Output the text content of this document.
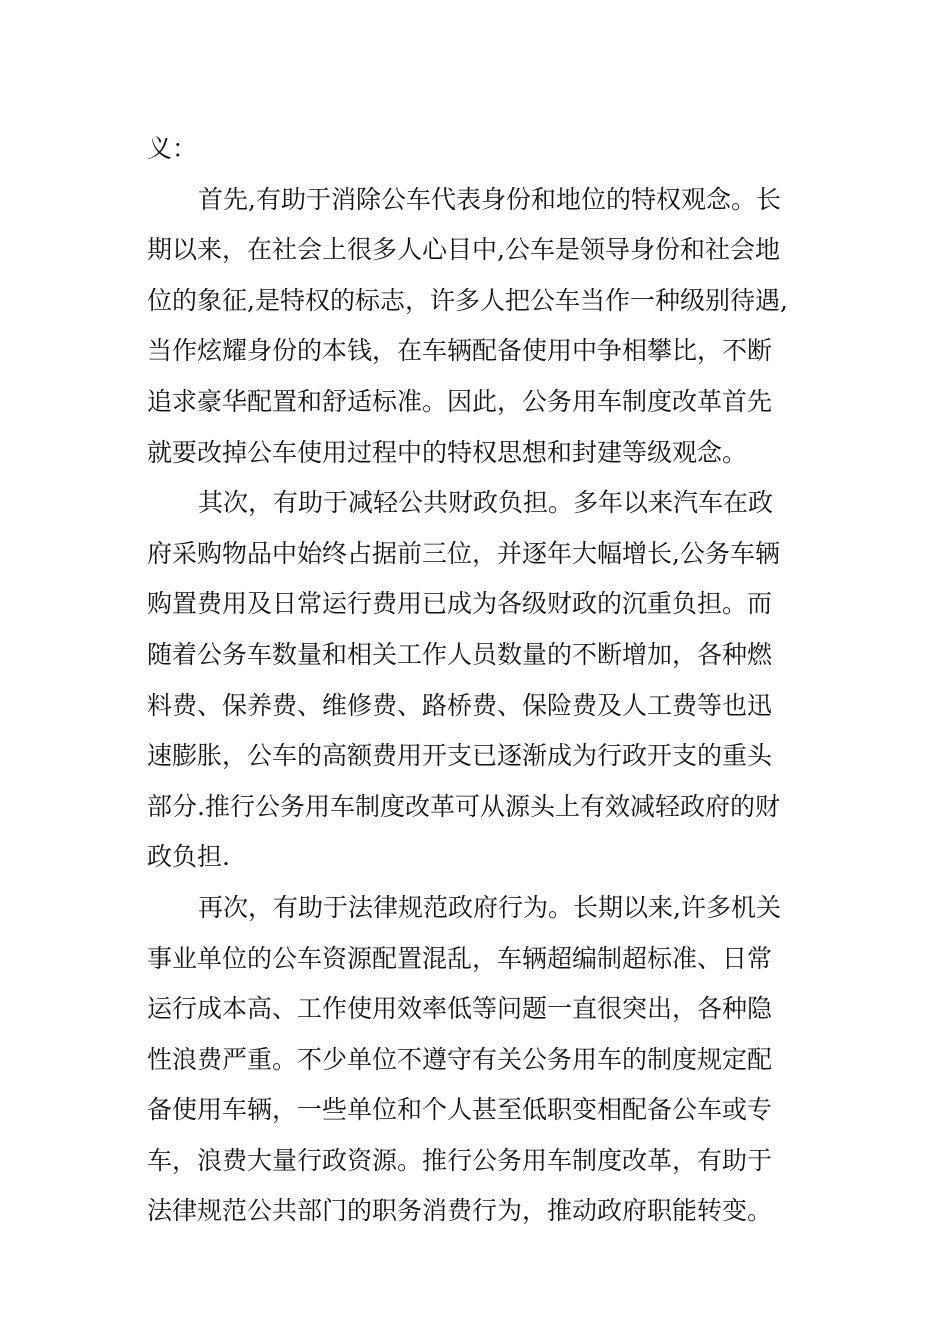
义：
首先,有助于消除公车代表身份和地位的特权观念。长
期以来，在社会上很多人心目中,公车是领导身份和社会地
位的象征,是特权的标志，许多人把公车当作一种级别待遇,
当作炫耀身份的本钱，在车辆配备使用中争相攀比，不断
追求豪华配置和舒适标准。因此，公务用车制度改革首先
就要改掉公车使用过程中的特权思想和封建等级观念。
其次，有助于减轻公共财政负担。多年以来汽车在政
府采购物品中始终占据前三位，并逐年大幅增长,公务车辆
购置费用及日常运行费用已成为各级财政的沉重负担。而
随着公务车数量和相关工作人员数量的不断增加，各种燃
料费、保养费、维修费、路桥费、保险费及人工费等也迅
速膨胀，公车的高额费用开支已逐渐成为行政开支的重头
部分.推行公务用车制度改革可从源头上有效减轻政府的财
政负担.
再次，有助于法律规范政府行为。长期以来,许多机关
事业单位的公车资源配置混乱，车辆超编制超标准、日常
运行成本高、工作使用效率低等问题一直很突出，各种隐
性浪费严重。不少单位不遵守有关公务用车的制度规定配
备使用车辆，一些单位和个人甚至低职变相配备公车或专
车，浪费大量行政资源。推行公务用车制度改革，有助于
法律规范公共部门的职务消费行为，推动政府职能转变。
